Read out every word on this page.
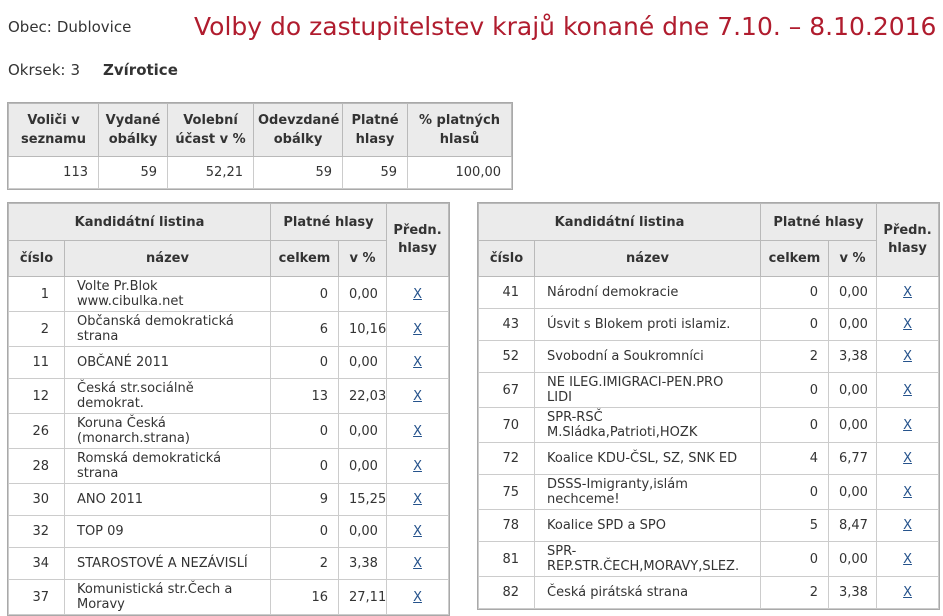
Obec: Dublovice	Volby do zastupitelstev krajů konané dne 7.10. – 8.10.2016
Okrsek: 3 Zvírotice
Voliči v seznamu	Vydané obálky	Volební účast v %	Odevzdané obálky	Platné hlasy	% platných hlasů
113	59	52,21	59	59	100,00
Kandidátní listina		Platné hlasy		Předn. hlasy
číslo	název	celkem	v %	
1	Volte Pr.Blok www.cibulka.net	0	0,00	X
2	Občanská demokratická strana	6	10,16	X
11	OBČANÉ 2011	0	0,00	X
12	Česká str.sociálně demokrat.	13	22,03	X
26	Koruna Česká (monarch.strana)	0	0,00	X
28	Romská demokratická strana	0	0,00	X
30	ANO 2011	9	15,25	X
32	TOP 09	0	0,00	X
34	STAROSTOVÉ A NEZÁVISLÍ	2	3,38	X
37	Komunistická str.Čech a Moravy	16	27,11	X
Kandidátní listina		Platné hlasy		Předn. hlasy
číslo	název	celkem	v %	
41	Národní demokracie	0	0,00	X
43	Úsvit s Blokem proti islamiz.	0	0,00	X
52	Svobodní a Soukromníci	2	3,38	X
67	NE ILEG.IMIGRACI-PEN.PRO LIDI	0	0,00	X
70	SPR-RSČ M.Sládka,Patrioti,HOZK	0	0,00	X
72	Koalice KDU-ČSL, SZ, SNK ED	4	6,77	X
75	DSSS-Imigranty,islám nechceme!	0	0,00	X
78	Koalice SPD a SPO	5	8,47	X
81	SPR-REP.STR.ČECH,MORAVY,SLEZ.	0	0,00	X
82	Česká pirátská strana	2	3,38	X
